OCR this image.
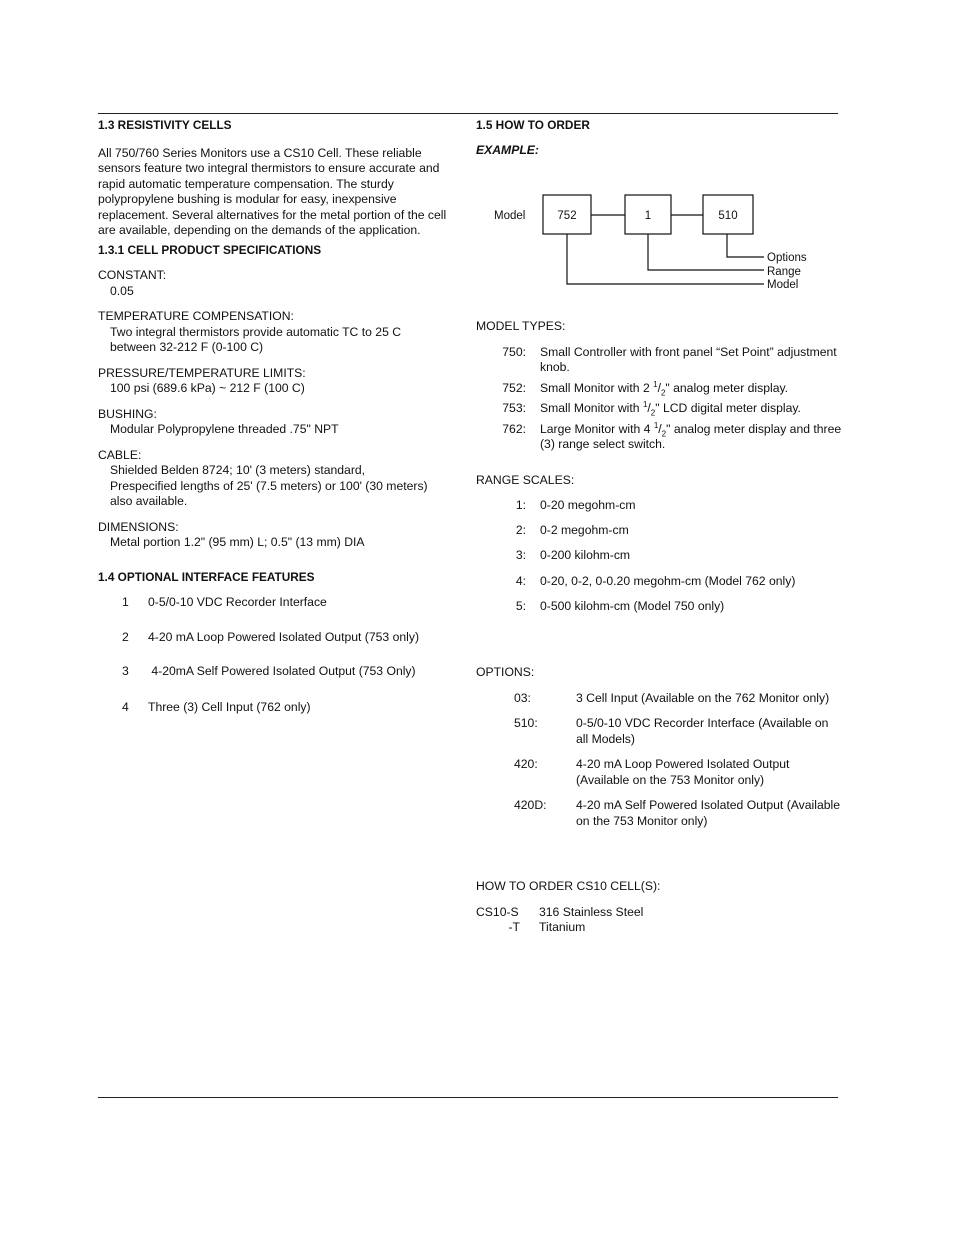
1.3 RESISTIVITY CELLS

All 750/760 Series Monitors use a CS10 Cell. These reliable sensors feature two integral thermistors to ensure accurate and rapid automatic temperature compensation. The sturdy polypropylene bushing is modular for easy, inexpensive replacement. Several alternatives for the metal portion of the cell are available, depending on the demands of the application.

1.3.1 CELL PRODUCT SPECIFICATIONS

CONSTANT:

0.05

TEMPERATURE COMPENSATION:

Two integral thermistors provide automatic TC to 25 C

between 32-212 F (0-100 C)

PRESSURE/TEMPERATURE LIMITS:

100 psi (689.6 kPa) ~ 212 F (100 C)

BUSHING:

Modular Polypropylene threaded .75" NPT

CABLE:

Shielded Belden 8724; 10' (3 meters) standard,

Prespecified lengths of 25' (7.5 meters) or 100' (30 meters)

also available.

DIMENSIONS:

Metal portion 1.2" (95 mm) L; 0.5" (13 mm) DIA

1.4 OPTIONAL INTERFACE FEATURES

1	0-5/0-10 VDC Recorder Interface
2	4-20 mA Loop Powered Isolated Output (753 only)
3	4-20mA Self Powered Isolated Output (753 Only)
4	Three (3) Cell Input (762 only)

1.5 HOW TO ORDER

EXAMPLE:

Model	752	1	510
Options
Range
Model

MODEL TYPES:

750:	Small Controller with front panel “Set Point” adjustment knob.
752:	Small Monitor with 2 $^1/_2$" analog meter display.
753:	Small Monitor with $^1/_2$" LCD digital meter display.
762:	Large Monitor with 4 $^1/_2$" analog meter display and three (3) range select switch.

RANGE SCALES:

1:	0-20 megohm-cm
2:	0-2 megohm-cm
3:	0-200 kilohm-cm
4:	0-20, 0-2, 0-0.20 megohm-cm (Model 762 only)
5:	0-500 kilohm-cm (Model 750 only)

OPTIONS:

03:	3 Cell Input (Available on the 762 Monitor only)
510:	0-5/0-10 VDC Recorder Interface (Available on all Models)
420:	4-20 mA Loop Powered Isolated Output (Available on the 753 Monitor only)
420D:	4-20 mA Self Powered Isolated Output (Available on the 753 Monitor only)

HOW TO ORDER CS10 CELL(S):

CS10-S	316 Stainless Steel
-T	Titanium
